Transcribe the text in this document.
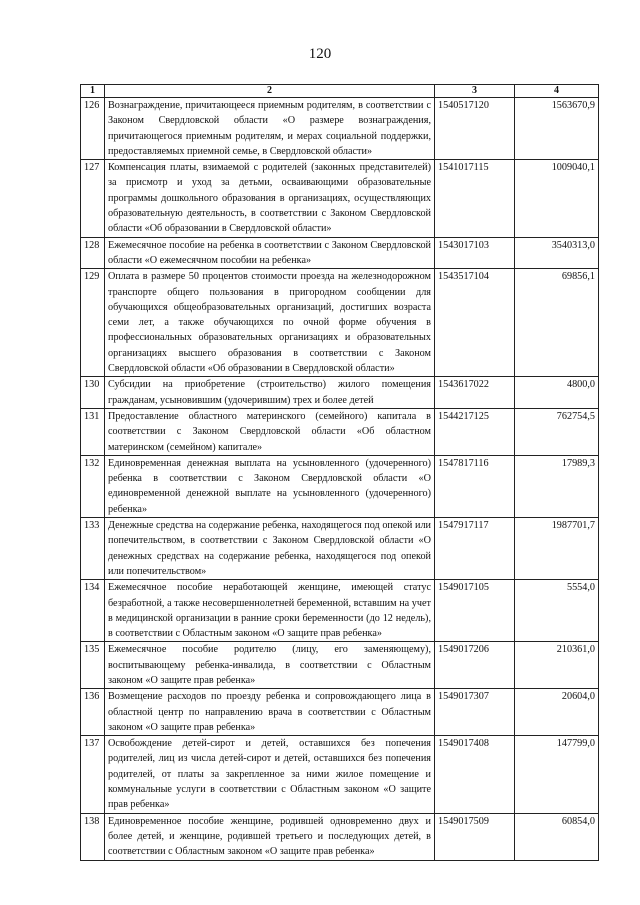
120
1	2	3	4
126	Вознаграждение, причитающееся приемным родителям, в соответствии с Законом Свердловской области «О размере вознаграждения, причитающегося приемным родителям, и мерах социальной поддержки, предоставляемых приемной семье, в Свердловской области»	1540517120	1563670,9
127	Компенсация платы, взимаемой с родителей (законных представителей) за присмотр и уход за детьми, осваивающими образовательные программы дошкольного образования в организациях, осуществляющих образовательную деятельность, в соответствии с Законом Свердловской области «Об образовании в Свердловской области»	1541017115	1009040,1
128	Ежемесячное пособие на ребенка в соответствии с Законом Свердловской области «О ежемесячном пособии на ребенка»	1543017103	3540313,0
129	Оплата в размере 50 процентов стоимости проезда на железнодорожном транспорте общего пользования в пригородном сообщении для обучающихся общеобразовательных организаций, достигших возраста семи лет, а также обучающихся по очной форме обучения в профессиональных образовательных организациях и образовательных организациях высшего образования в соответствии с Законом Свердловской области «Об образовании в Свердловской области»	1543517104	69856,1
130	Субсидии на приобретение (строительство) жилого помещения гражданам, усыновившим (удочерившим) трех и более детей	1543617022	4800,0
131	Предоставление областного материнского (семейного) капитала в соответствии с Законом Свердловской области «Об областном материнском (семейном) капитале»	1544217125	762754,5
132	Единовременная денежная выплата на усыновленного (удочеренного) ребенка в соответствии с Законом Свердловской области «О единовременной денежной выплате на усыновленного (удочеренного) ребенка»	1547817116	17989,3
133	Денежные средства на содержание ребенка, находящегося под опекой или попечительством, в соответствии с Законом Свердловской области «О денежных средствах на содержание ребенка, находящегося под опекой или попечительством»	1547917117	1987701,7
134	Ежемесячное пособие неработающей женщине, имеющей статус безработной, а также несовершеннолетней беременной, вставшим на учет в медицинской организации в ранние сроки беременности (до 12 недель), в соответствии с Областным законом «О защите прав ребенка»	1549017105	5554,0
135	Ежемесячное пособие родителю (лицу, его заменяющему), воспитывающему ребенка-инвалида, в соответствии с Областным законом «О защите прав ребенка»	1549017206	210361,0
136	Возмещение расходов по проезду ребенка и сопровождающего лица в областной центр по направлению врача в соответствии с Областным законом «О защите прав ребенка»	1549017307	20604,0
137	Освобождение детей-сирот и детей, оставшихся без попечения родителей, лиц из числа детей-сирот и детей, оставшихся без попечения родителей, от платы за закрепленное за ними жилое помещение и коммунальные услуги в соответствии с Областным законом «О защите прав ребенка»	1549017408	147799,0
138	Единовременное пособие женщине, родившей одновременно двух и более детей, и женщине, родившей третьего и последующих детей, в соответствии с Областным законом «О защите прав ребенка»	1549017509	60854,0
